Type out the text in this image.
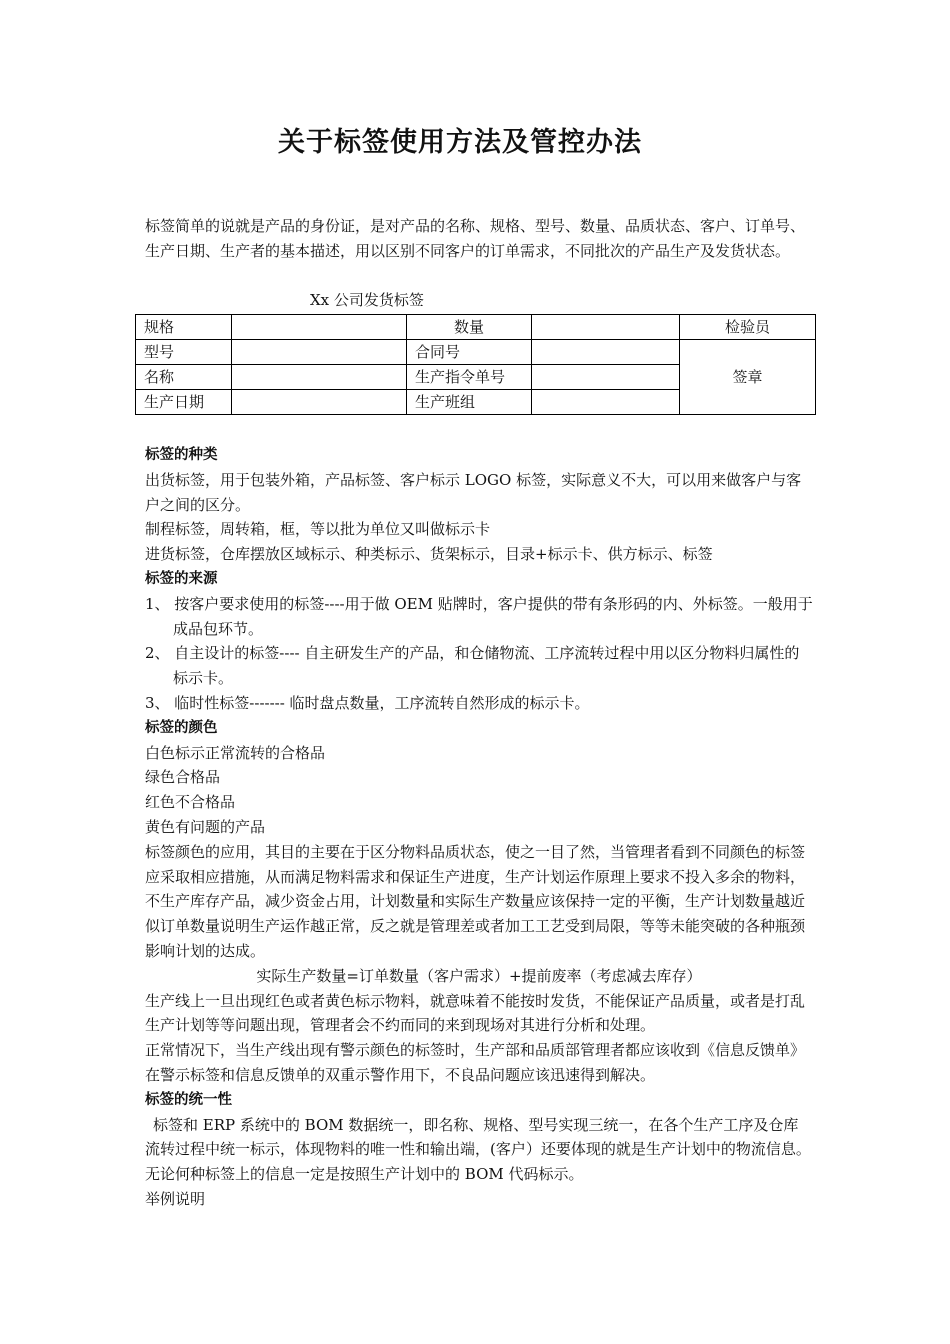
关于标签使用方法及管控办法

标签简单的说就是产品的身份证，是对产品的名称、规格、型号、数量、品质状态、客户、订单号、生产日期、生产者的基本描述，用以区别不同客户的订单需求，不同批次的产品生产及发货状态。

Xx 公司发货标签

规格		数量		检验员
型号		合同号		签章
名称		生产指令单号		
生产日期		生产班组		

标签的种类

出货标签，用于包装外箱，产品标签、客户标示 LOGO 标签，实际意义不大，可以用来做客户与客户之间的区分。

制程标签，周转箱，框，等以批为单位又叫做标示卡

进货标签，仓库摆放区域标示、种类标示、货架标示，目录+标示卡、供方标示、标签

标签的来源

1、 按客户要求使用的标签----用于做 OEM 贴牌时，客户提供的带有条形码的内、外标签。一般用于成品包环节。

2、 自主设计的标签---- 自主研发生产的产品，和仓储物流、工序流转过程中用以区分物料归属性的标示卡。

3、 临时性标签------- 临时盘点数量，工序流转自然形成的标示卡。

标签的颜色

白色标示正常流转的合格品

绿色合格品

红色不合格品

黄色有问题的产品

标签颜色的应用，其目的主要在于区分物料品质状态，使之一目了然，当管理者看到不同颜色的标签应采取相应措施，从而满足物料需求和保证生产进度，生产计划运作原理上要求不投入多余的物料，不生产库存产品，减少资金占用，计划数量和实际生产数量应该保持一定的平衡，生产计划数量越近似订单数量说明生产运作越正常，反之就是管理差或者加工工艺受到局限，等等未能突破的各种瓶颈影响计划的达成。

实际生产数量=订单数量（客户需求）+提前废率（考虑减去库存）

生产线上一旦出现红色或者黄色标示物料，就意味着不能按时发货，不能保证产品质量，或者是打乱生产计划等等问题出现，管理者会不约而同的来到现场对其进行分析和处理。

正常情况下，当生产线出现有警示颜色的标签时，生产部和品质部管理者都应该收到《信息反馈单》在警示标签和信息反馈单的双重示警作用下，不良品问题应该迅速得到解决。

标签的统一性

标签和 ERP 系统中的 BOM 数据统一，即名称、规格、型号实现三统一，在各个生产工序及仓库流转过程中统一标示，体现物料的唯一性和输出端，(客户）还要体现的就是生产计划中的物流信息。无论何种标签上的信息一定是按照生产计划中的 BOM 代码标示。

举例说明
